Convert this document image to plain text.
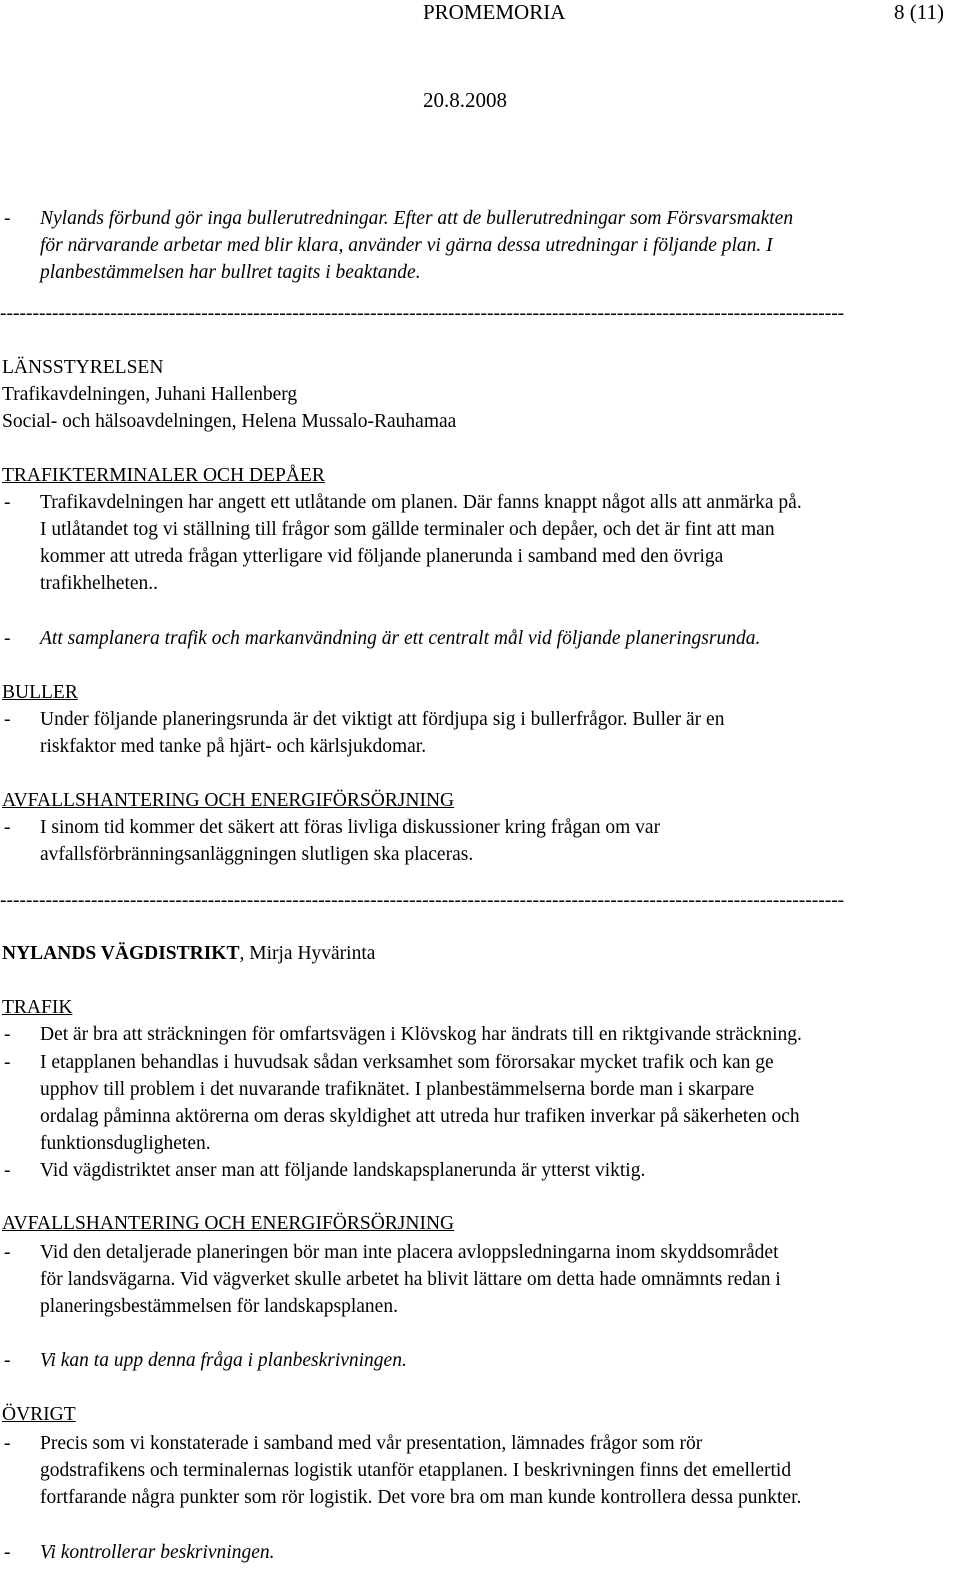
PROMEMORIA	8 (11)
20.8.2008
- Nylands förbund gör inga bullerutredningar. Efter att de bullerutredningar som Försvarsmakten
för närvarande arbetar med blir klara, använder vi gärna dessa utredningar i följande plan. I
planbestämmelsen har bullret tagits i beaktande.
----------------------------------------------------------------------------------------------------------------------------------
LÄNSSTYRELSEN
Trafikavdelningen, Juhani Hallenberg
Social- och hälsoavdelningen, Helena Mussalo-Rauhamaa
TRAFIKTERMINALER OCH DEPÅER
- Trafikavdelningen har angett ett utlåtande om planen. Där fanns knappt något alls att anmärka på.
I utlåtandet tog vi ställning till frågor som gällde terminaler och depåer, och det är fint att man
kommer att utreda frågan ytterligare vid följande planerunda i samband med den övriga
trafikhelheten..
- Att samplanera trafik och markanvändning är ett centralt mål vid följande planeringsrunda.
BULLER
- Under följande planeringsrunda är det viktigt att fördjupa sig i bullerfrågor. Buller är en
riskfaktor med tanke på hjärt- och kärlsjukdomar.
AVFALLSHANTERING OCH ENERGIFÖRSÖRJNING
- I sinom tid kommer det säkert att föras livliga diskussioner kring frågan om var
avfallsförbränningsanläggningen slutligen ska placeras.
----------------------------------------------------------------------------------------------------------------------------------
NYLANDS VÄGDISTRIKT, Mirja Hyvärinta
TRAFIK
- Det är bra att sträckningen för omfartsvägen i Klövskog har ändrats till en riktgivande sträckning.
- I etapplanen behandlas i huvudsak sådan verksamhet som förorsakar mycket trafik och kan ge
upphov till problem i det nuvarande trafiknätet. I planbestämmelserna borde man i skarpare
ordalag påminna aktörerna om deras skyldighet att utreda hur trafiken inverkar på säkerheten och
funktionsdugligheten.
- Vid vägdistriktet anser man att följande landskapsplanerunda är ytterst viktig.
AVFALLSHANTERING OCH ENERGIFÖRSÖRJNING
- Vid den detaljerade planeringen bör man inte placera avloppsledningarna inom skyddsområdet
för landsvägarna. Vid vägverket skulle arbetet ha blivit lättare om detta hade omnämnts redan i
planeringsbestämmelsen för landskapsplanen.
- Vi kan ta upp denna fråga i planbeskrivningen.
ÖVRIGT
- Precis som vi konstaterade i samband med vår presentation, lämnades frågor som rör
godstrafikens och terminalernas logistik utanför etapplanen. I beskrivningen finns det emellertid
fortfarande några punkter som rör logistik. Det vore bra om man kunde kontrollera dessa punkter.
- Vi kontrollerar beskrivningen.
